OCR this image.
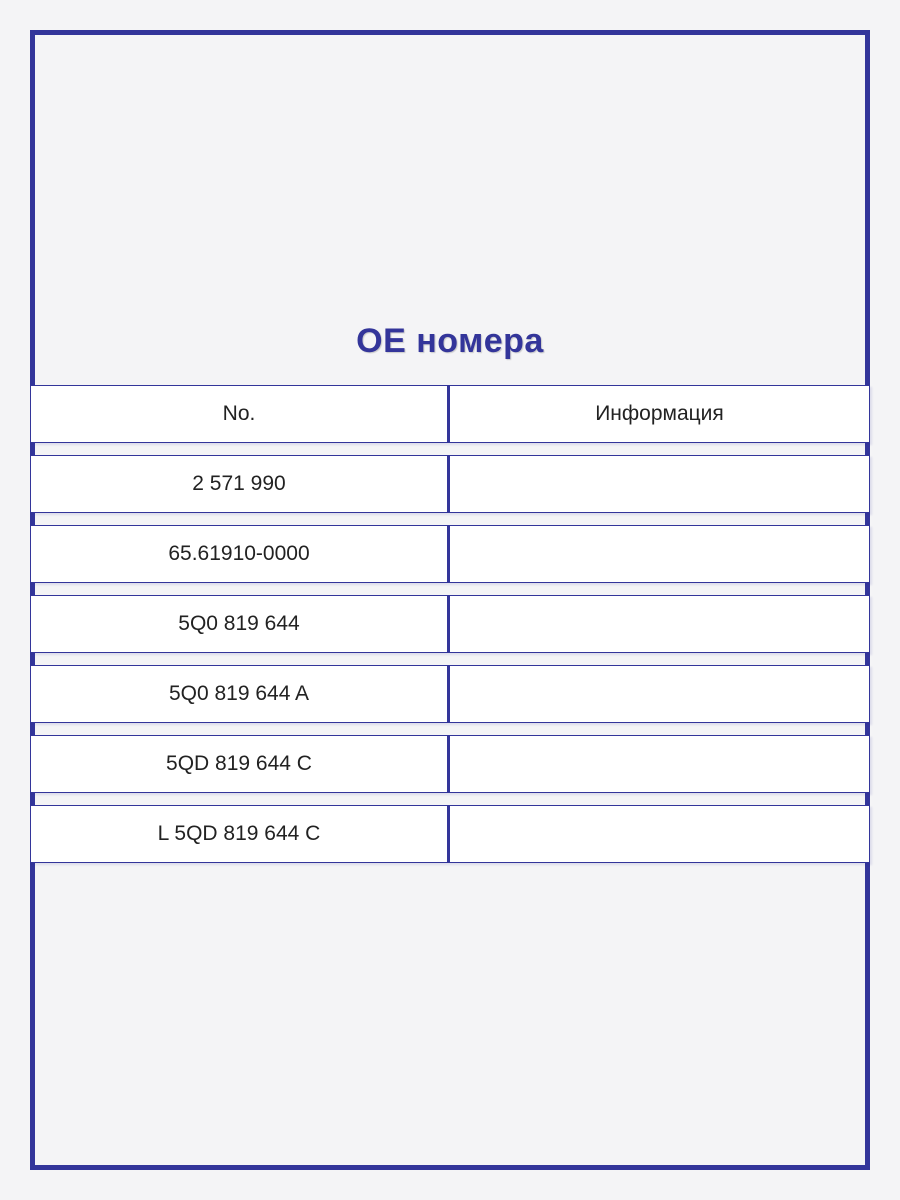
OE номера
No.	Информация
2 571 990
65.61910-0000
5Q0 819 644
5Q0 819 644 A
5QD 819 644 C
L 5QD 819 644 C
